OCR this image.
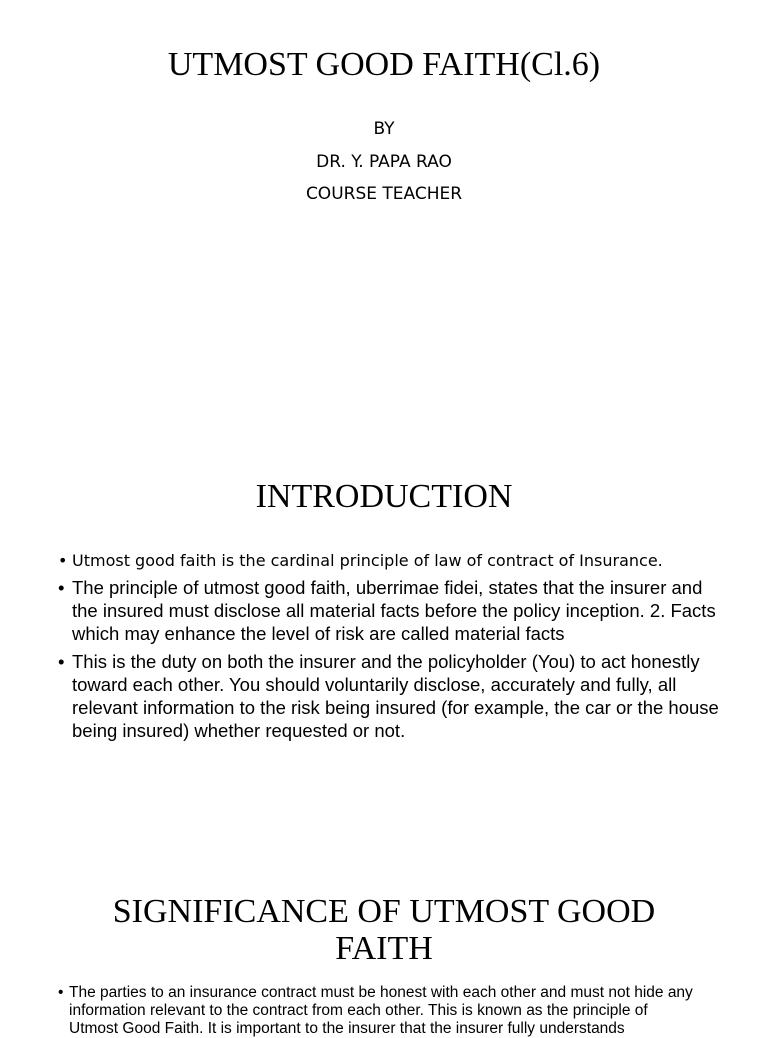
UTMOST GOOD FAITH(Cl.6)
BY
DR. Y. PAPA RAO
COURSE TEACHER
INTRODUCTION
• Utmost good faith is the cardinal principle of law of contract of Insurance.
• The principle of utmost good faith, uberrimae fidei, states that the insurer and the insured must disclose all material facts before the policy inception. 2. Facts which may enhance the level of risk are called material facts
• This is the duty on both the insurer and the policyholder (You) to act honestly toward each other. You should voluntarily disclose, accurately and fully, all relevant information to the risk being insured (for example, the car or the house being insured) whether requested or not.
SIGNIFICANCE OF UTMOST GOOD
FAITH
• The parties to an insurance contract must be honest with each other and must not hide any information relevant to the contract from each other. This is known as the principle of Utmost Good Faith. It is important to the insurer that the insurer fully understands
